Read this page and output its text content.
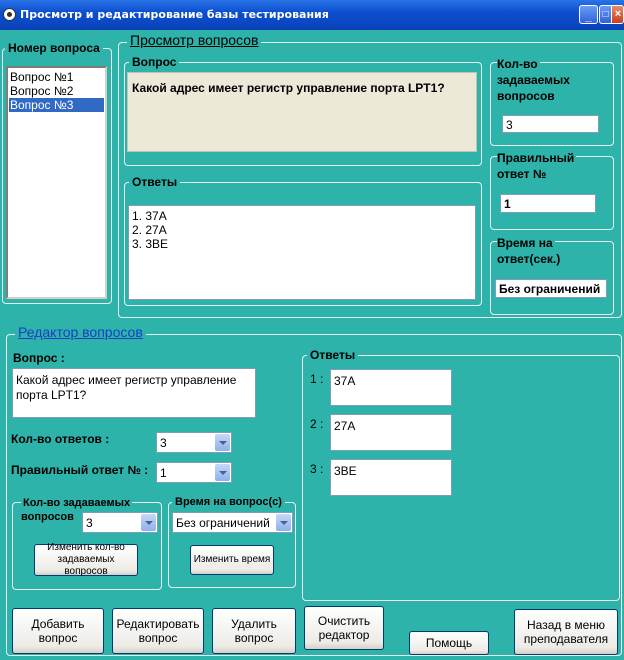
Просмотр и редактирование базы тестирования	_	□ ×
Номер вопроса
Вопрос №1
Вопрос №2
Вопрос №3
Просмотр вопросов
Вопрос
Какой адрес имеет регистр управление порта LPT1?
Ответы
1. 37A
2. 27A
3. 3BE
Кол-во
задаваемых
вопросов
3
Правильный
ответ №
1
Время на
ответ(сек.)
Без ограничений
Редактор вопросов
Вопрос :
Какой адрес имеет регистр управление
порта LPT1?
Кол-во ответов :	3
Правильный ответ № : 1
Кол-во задаваемых
вопросов 3
Изменить кол-во
задаваемых вопросов
Время на вопрос(с)
Без ограничений
Изменить время
Ответы
1 : 37A
2 : 27A
3 : 3BE
Добавить
вопрос
Редактировать
вопрос
Удалить
вопрос
Очистить
редактор
Помощь
Назад в меню
преподавателя
